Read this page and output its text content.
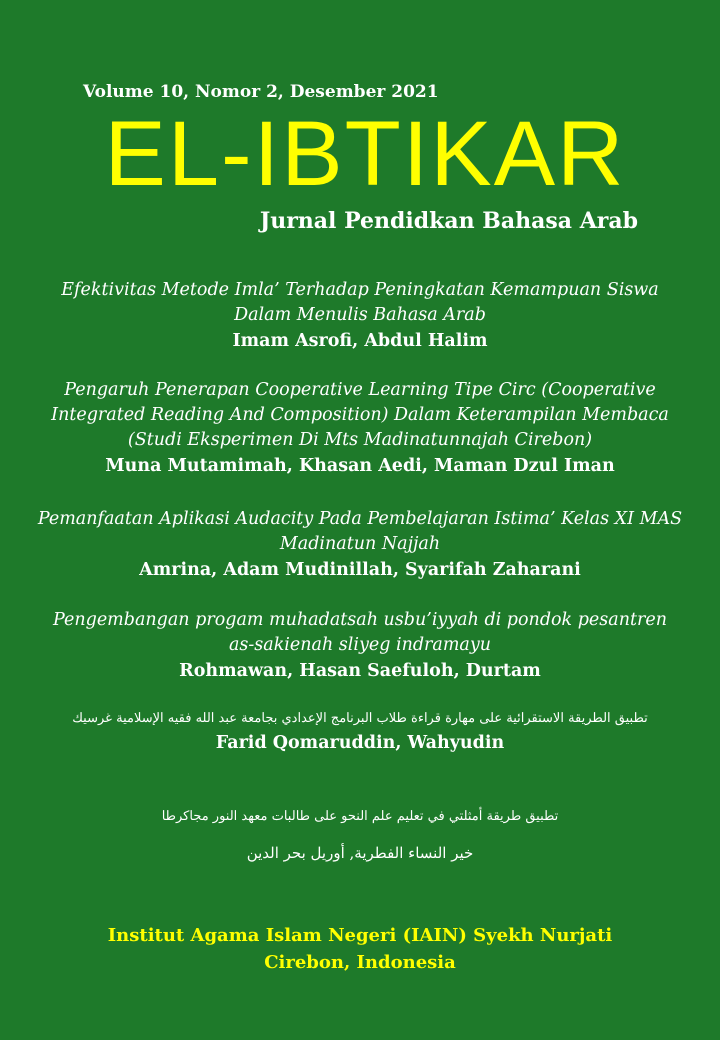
Volume 10, Nomor 2, Desember 2021
EL-IBTIKAR
Jurnal Pendidkan Bahasa Arab
Efektivitas Metode Imla’ Terhadap Peningkatan Kemampuan Siswa
Dalam Menulis Bahasa Arab
Imam Asrofi, Abdul Halim
Pengaruh Penerapan Cooperative Learning Tipe Circ (Cooperative
Integrated Reading And Composition) Dalam Keterampilan Membaca
(Studi Eksperimen Di Mts Madinatunnajah Cirebon)
Muna Mutamimah, Khasan Aedi, Maman Dzul Iman
Pemanfaatan Aplikasi Audacity Pada Pembelajaran Istima’ Kelas XI MAS
Madinatun Najjah
Amrina, Adam Mudinillah, Syarifah Zaharani
Pengembangan progam muhadatsah usbu’iyyah di pondok pesantren
as-sakienah sliyeg indramayu
Rohmawan, Hasan Saefuloh, Durtam
تطبيق الطريقة الاستقرائية على مهارة قراءة طلاب البرنامج الإعدادي بجامعة عبد الله فقيه الإسلامية غرسيك
Farid Qomaruddin, Wahyudin
تطبيق طريقة أمثلتي في تعليم علم النحو على طالبات معهد النور مجاكرطا
خير النساء الفطرية, أوريل بحر الدين
Institut Agama Islam Negeri (IAIN) Syekh Nurjati
Cirebon, Indonesia
